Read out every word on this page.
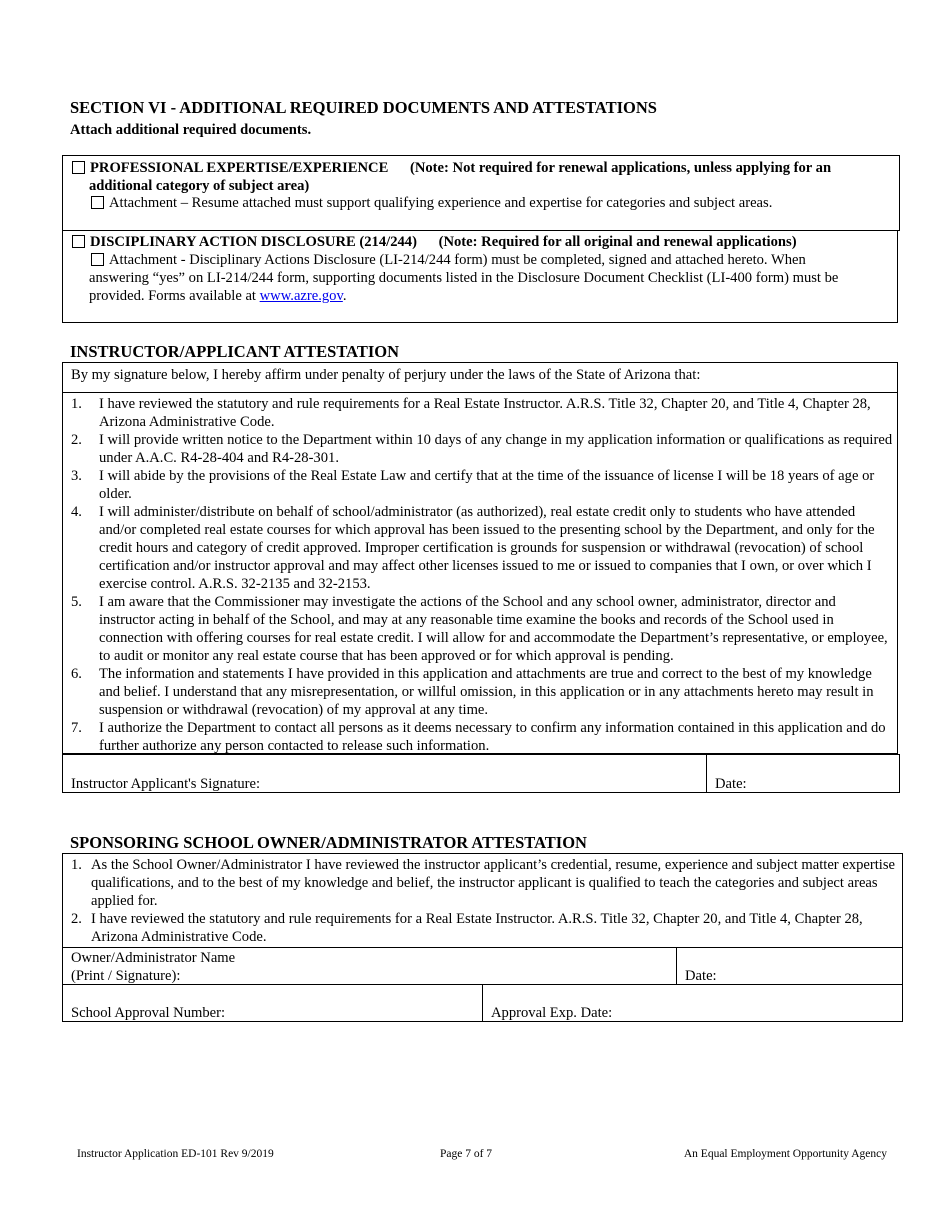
SECTION VI - ADDITIONAL REQUIRED DOCUMENTS AND ATTESTATIONS
Attach additional required documents.
PROFESSIONAL EXPERTISE/EXPERIENCE (Note: Not required for renewal applications, unless applying for an
additional category of subject area)
Attachment – Resume attached must support qualifying experience and expertise for categories and subject areas.
DISCIPLINARY ACTION DISCLOSURE (214/244) (Note: Required for all original and renewal applications)
Attachment - Disciplinary Actions Disclosure (LI-214/244 form) must be completed, signed and attached hereto. When
answering “yes” on LI-214/244 form, supporting documents listed in the Disclosure Document Checklist (LI-400 form) must be
provided. Forms available at www.azre.gov.
INSTRUCTOR/APPLICANT ATTESTATION
By my signature below, I hereby affirm under penalty of perjury under the laws of the State of Arizona that:
1. I have reviewed the statutory and rule requirements for a Real Estate Instructor. A.R.S. Title 32, Chapter 20, and Title 4, Chapter 28, Arizona Administrative Code.
2. I will provide written notice to the Department within 10 days of any change in my application information or qualifications as required under A.A.C. R4-28-404 and R4-28-301.
3. I will abide by the provisions of the Real Estate Law and certify that at the time of the issuance of license I will be 18 years of age or older.
4. I will administer/distribute on behalf of school/administrator (as authorized), real estate credit only to students who have attended and/or completed real estate courses for which approval has been issued to the presenting school by the Department, and only for the credit hours and category of credit approved. Improper certification is grounds for suspension or withdrawal (revocation) of school certification and/or instructor approval and may affect other licenses issued to me or issued to companies that I own, or over which I exercise control. A.R.S. 32-2135 and 32-2153.
5. I am aware that the Commissioner may investigate the actions of the School and any school owner, administrator, director and instructor acting in behalf of the School, and may at any reasonable time examine the books and records of the School used in connection with offering courses for real estate credit. I will allow for and accommodate the Department’s representative, or employee, to audit or monitor any real estate course that has been approved or for which approval is pending.
6. The information and statements I have provided in this application and attachments are true and correct to the best of my knowledge and belief. I understand that any misrepresentation, or willful omission, in this application or in any attachments hereto may result in suspension or withdrawal (revocation) of my approval at any time.
7. I authorize the Department to contact all persons as it deems necessary to confirm any information contained in this application and do further authorize any person contacted to release such information.
Instructor Applicant's Signature:	Date:
SPONSORING SCHOOL OWNER/ADMINISTRATOR ATTESTATION
1. As the School Owner/Administrator I have reviewed the instructor applicant’s credential, resume, experience and subject matter expertise qualifications, and to the best of my knowledge and belief, the instructor applicant is qualified to teach the categories and subject areas applied for.
2. I have reviewed the statutory and rule requirements for a Real Estate Instructor. A.R.S. Title 32, Chapter 20, and Title 4, Chapter 28, Arizona Administrative Code.
Owner/Administrator Name
(Print / Signature):	Date:
School Approval Number:	Approval Exp. Date:
Instructor Application ED-101 Rev 9/2019	Page 7 of 7	An Equal Employment Opportunity Agency
